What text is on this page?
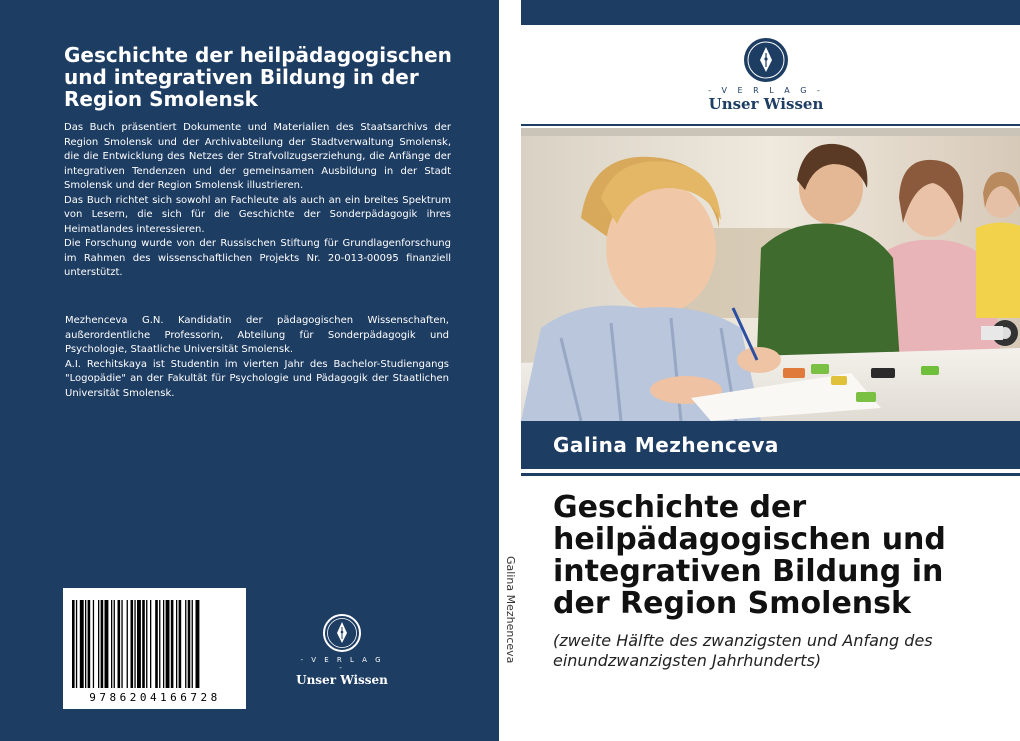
Geschichte der heilpädagogischen und integrativen Bildung in der Region Smolensk

Das Buch präsentiert Dokumente und Materialien des Staatsarchivs der Region Smolensk und der Archivabteilung der Stadtverwaltung Smolensk, die die Entwicklung des Netzes der Strafvollzugserziehung, die Anfänge der integrativen Tendenzen und der gemeinsamen Ausbildung in der Stadt Smolensk und der Region Smolensk illustrieren.

Das Buch richtet sich sowohl an Fachleute als auch an ein breites Spektrum von Lesern, die sich für die Geschichte der Sonderpädagogik ihres Heimatlandes interessieren.

Die Forschung wurde von der Russischen Stiftung für Grundlagenforschung im Rahmen des wissenschaftlichen Projekts Nr. 20-013-00095 finanziell unterstützt.

Mezhenceva G.N. Kandidatin der pädagogischen Wissenschaften, außerordentliche Professorin, Abteilung für Sonderpädagogik und Psychologie, Staatliche Universität Smolensk.

A.I. Rechitskaya ist Studentin im vierten Jahr des Bachelor-Studiengangs "Logopädie" an der Fakultät für Psychologie und Pädagogik der Staatlichen Universität Smolensk.

9786204166728
- V E R L A G -
Unser Wissen
Galina Mezhenceva
- V E R L A G -
Unser Wissen
Galina Mezhenceva
Geschichte der heilpädagogischen und integrativen Bildung in der Region Smolensk
(zweite Hälfte des zwanzigsten und Anfang des einundzwanzigsten Jahrhunderts)
